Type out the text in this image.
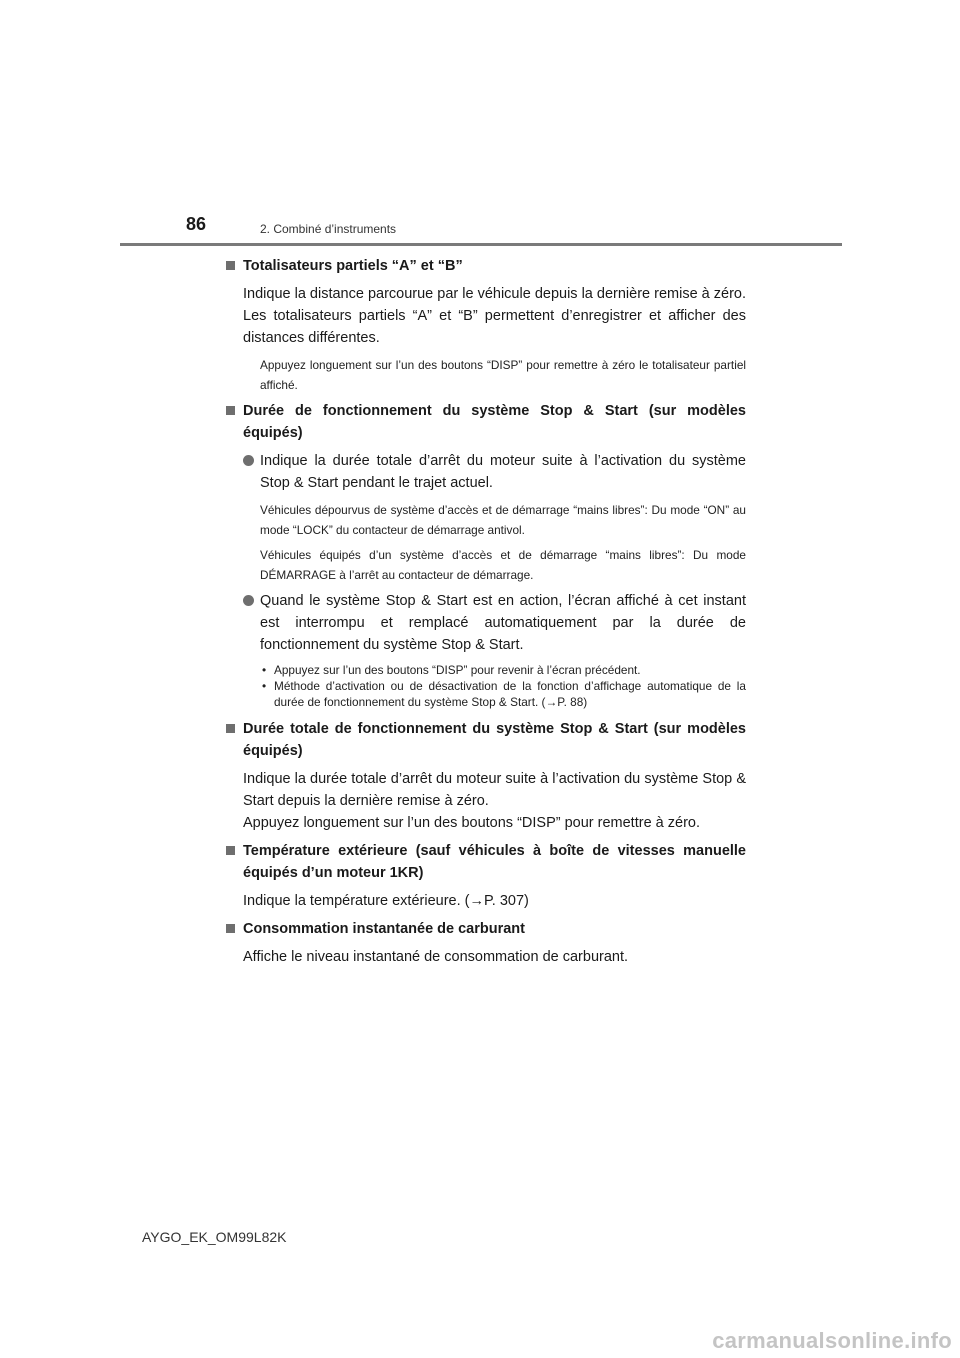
86	2. Combiné d’instruments
Totalisateurs partiels “A” et “B”
Indique la distance parcourue par le véhicule depuis la dernière remise à zéro. Les totalisateurs partiels “A” et “B” permettent d’enregistrer et afficher des distances différentes.
Appuyez longuement sur l’un des boutons “DISP” pour remettre à zéro le totalisateur partiel affiché.
Durée de fonctionnement du système Stop & Start (sur modèles équipés)
Indique la durée totale d’arrêt du moteur suite à l’activation du système Stop & Start pendant le trajet actuel.
Véhicules dépourvus de système d’accès et de démarrage “mains libres”: Du mode “ON” au mode “LOCK” du contacteur de démarrage antivol.
Véhicules équipés d’un système d’accès et de démarrage “mains libres”: Du mode DÉMARRAGE à l’arrêt au contacteur de démarrage.
Quand le système Stop & Start est en action, l’écran affiché à cet instant est interrompu et remplacé automatiquement par la durée de fonctionnement du système Stop & Start.
• Appuyez sur l’un des boutons “DISP” pour revenir à l’écran précédent.
• Méthode d’activation ou de désactivation de la fonction d’affichage automatique de la durée de fonctionnement du système Stop & Start. (→P. 88)
Durée totale de fonctionnement du système Stop & Start (sur modèles équipés)
Indique la durée totale d’arrêt du moteur suite à l’activation du système Stop & Start depuis la dernière remise à zéro.
Appuyez longuement sur l’un des boutons “DISP” pour remettre à zéro.
Température extérieure (sauf véhicules à boîte de vitesses manuelle équipés d’un moteur 1KR)
Indique la température extérieure. (→P. 307)
Consommation instantanée de carburant
Affiche le niveau instantané de consommation de carburant.
AYGO_EK_OM99L82K
carmanualsonline.info
